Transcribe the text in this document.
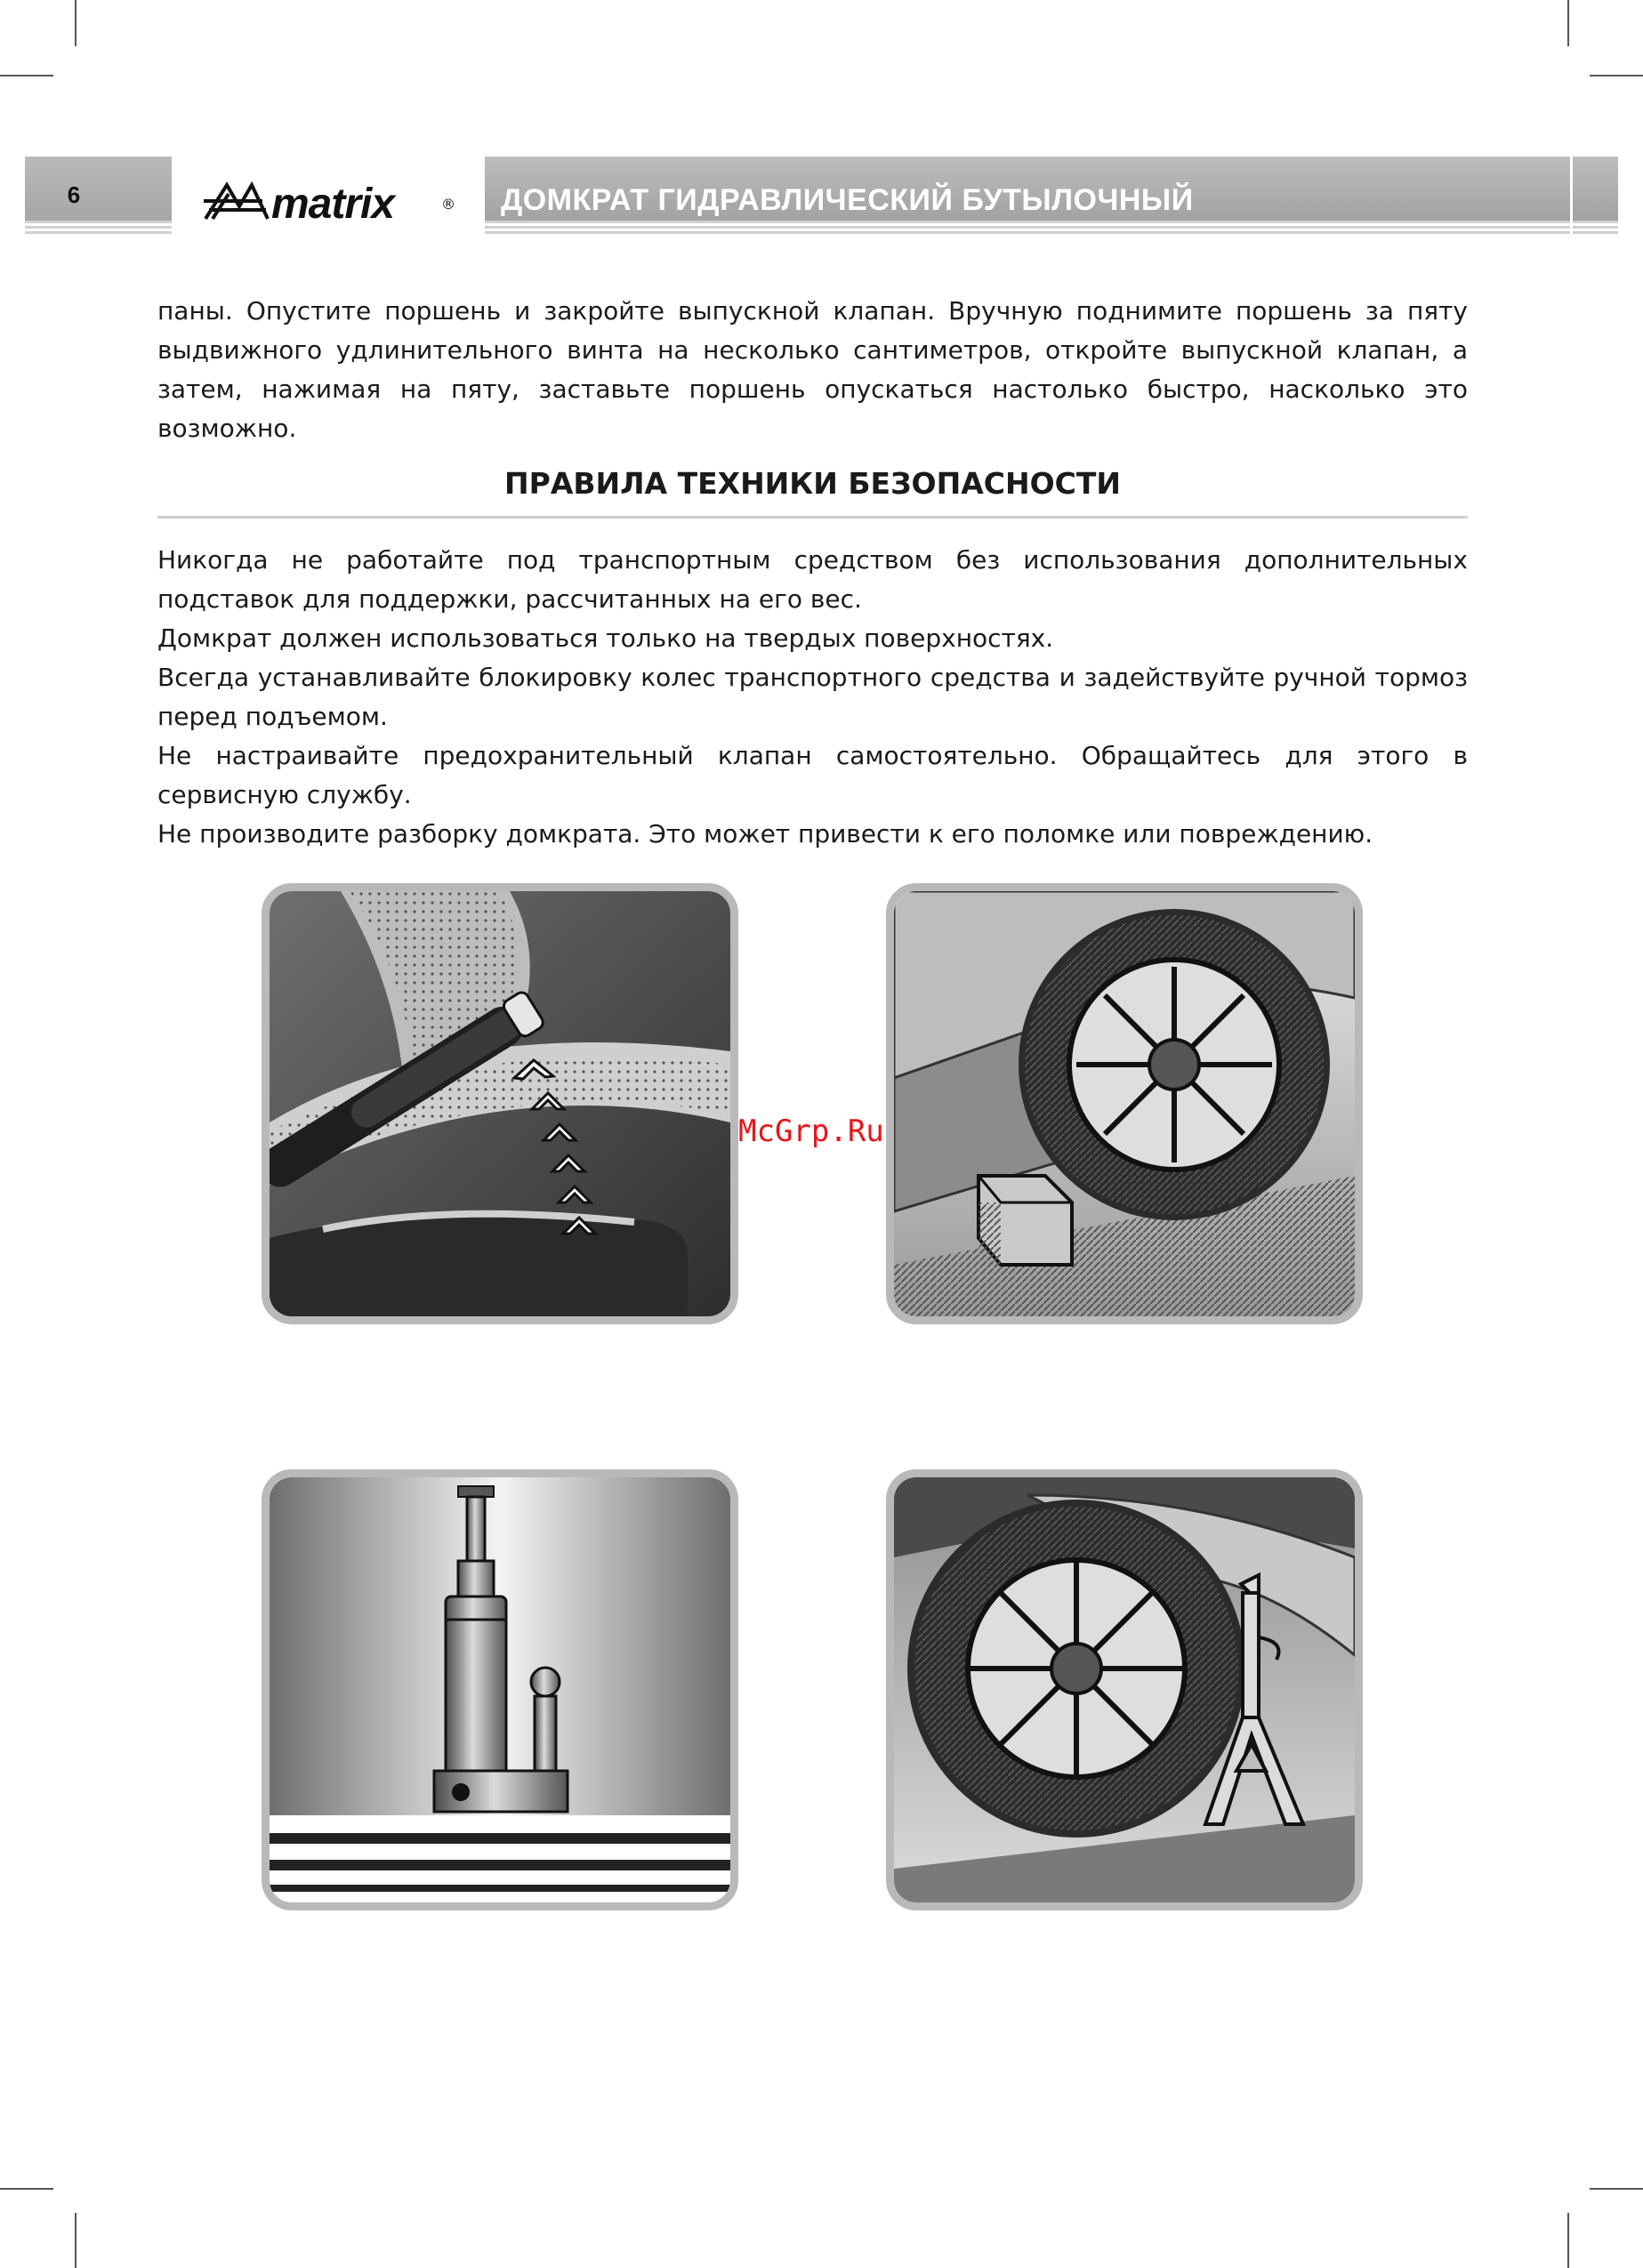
6	matrix	® ДОМКРАТ ГИДРАВЛИЧЕСКИЙ БУТЫЛОЧНЫЙ

паны. Опустите поршень и закройте выпускной клапан. Вручную поднимите поршень за пяту выдвижного удлинительного винта на несколько сантиметров, откройте выпускной клапан, а затем, нажимая на пяту, заставьте поршень опускаться настолько быстро, насколько это возможно.

ПРАВИЛА ТЕХНИКИ БЕЗОПАСНОСТИ

Никогда не работайте под транспортным средством без использования дополнительных подставок для поддержки, рассчитанных на его вес.

Домкрат должен использоваться только на твердых поверхностях.

Всегда устанавливайте блокировку колес транспортного средства и задействуйте ручной тормоз перед подъемом.

Не настраивайте предохранительный клапан самостоятельно. Обращайтесь для этого в сервисную службу.

Не производите разборку домкрата. Это может привести к его поломке или повреждению.

McGrp.Ru
